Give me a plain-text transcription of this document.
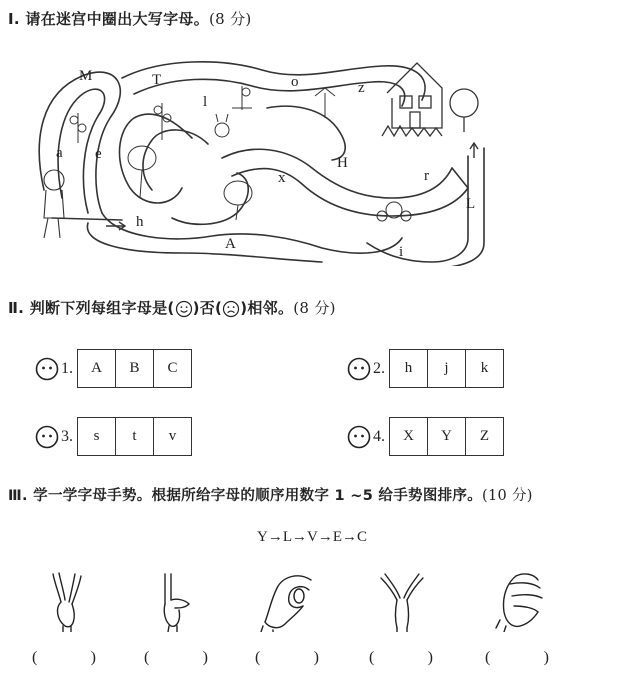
Ⅰ. 请在迷宫中圈出大写字母。(8 分)
M	T
l
o	z
a e
x
H
r
h
A	i
L
Ⅱ. 判断下列每组字母是( )否( )相邻。(8 分)
1.	A	B	C	2.	h	j	k
3.	s	t	v	4.	X	Y	Z
Ⅲ. 学一学字母手势。根据所给字母的顺序用数字 1 ~5 给手势图排序。(10 分)
Y→L→V→E→C
(	)	(	)	(	)	(	)	(	)
